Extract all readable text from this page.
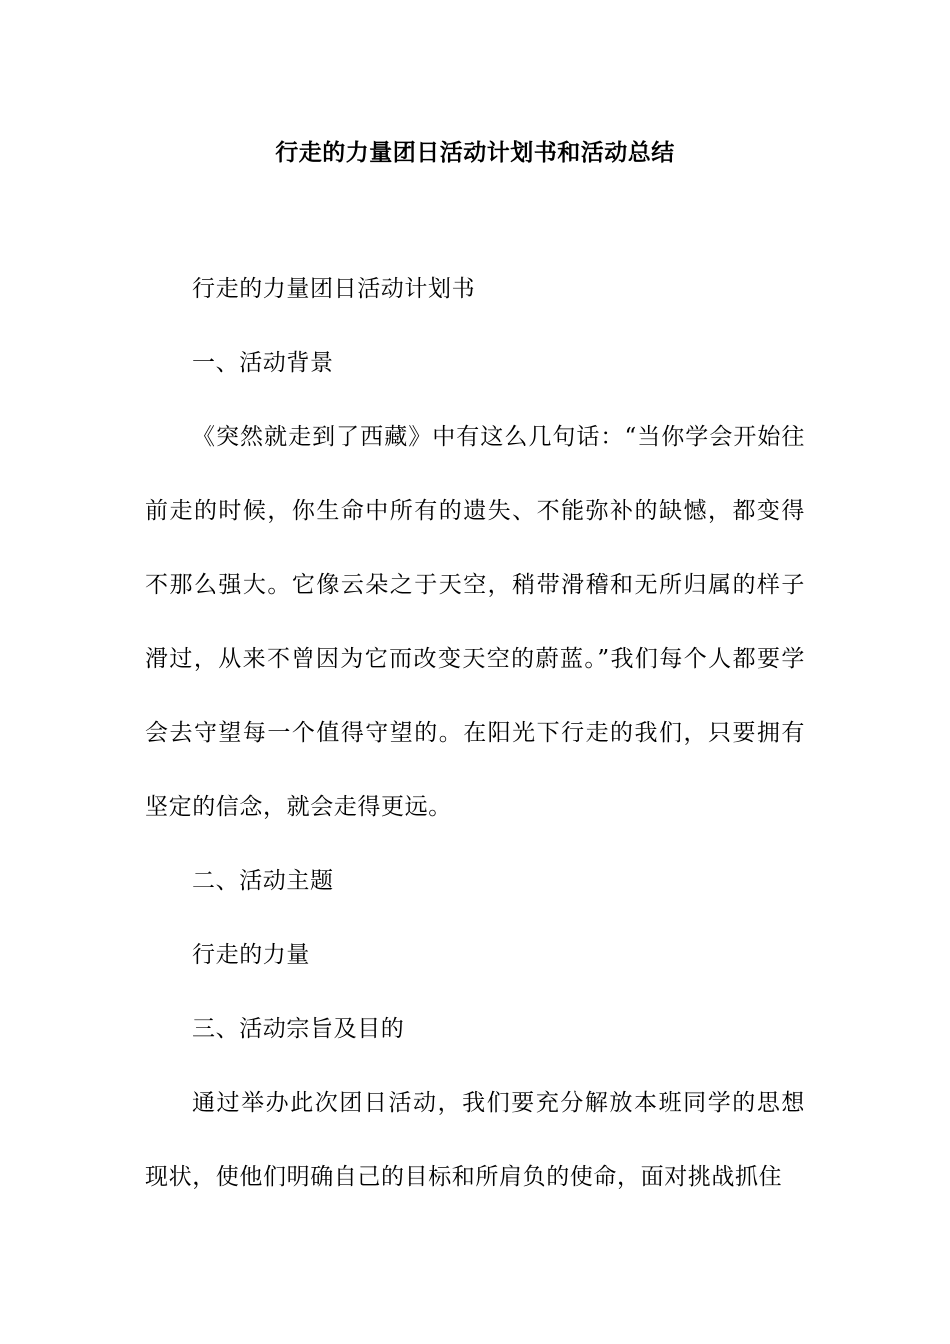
行走的力量团日活动计划书和活动总结

行走的力量团日活动计划书

一、活动背景

《突然就走到了西藏》中有这么几句话：“当你学会开始往前走的时候，你生命中所有的遗失、不能弥补的缺憾，都变得不那么强大。它像云朵之于天空，稍带滑稽和无所归属的样子滑过，从来不曾因为它而改变天空的蔚蓝。”我们每个人都要学会去守望每一个值得守望的。在阳光下行走的我们，只要拥有坚定的信念，就会走得更远。

二、活动主题

行走的力量

三、活动宗旨及目的

通过举办此次团日活动，我们要充分解放本班同学的思想现状，使他们明确自己的目标和所肩负的使命，面对挑战抓住
